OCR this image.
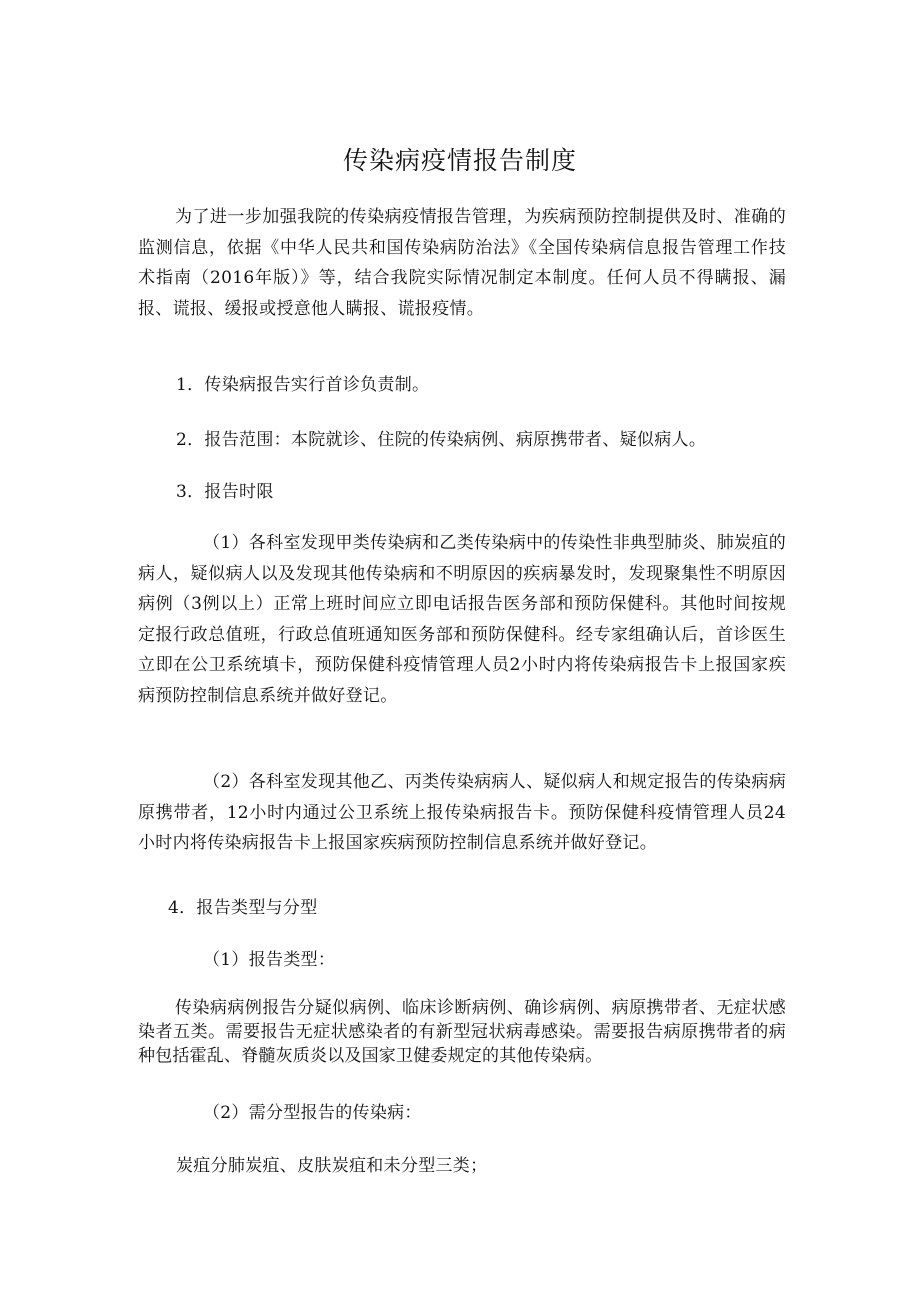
传染病疫情报告制度

为了进一步加强我院的传染病疫情报告管理，为疾病预防控制提供及时、准确的监测信息，依据《中华人民共和国传染病防治法》《全国传染病信息报告管理工作技术指南（2016年版）》等，结合我院实际情况制定本制度。任何人员不得瞒报、漏报、谎报、缓报或授意他人瞒报、谎报疫情。

1．传染病报告实行首诊负责制。

2．报告范围：本院就诊、住院的传染病例、病原携带者、疑似病人。

3．报告时限

（1）各科室发现甲类传染病和乙类传染病中的传染性非典型肺炎、肺炭疽的病人，疑似病人以及发现其他传染病和不明原因的疾病暴发时，发现聚集性不明原因病例（3例以上）正常上班时间应立即电话报告医务部和预防保健科。其他时间按规定报行政总值班，行政总值班通知医务部和预防保健科。经专家组确认后，首诊医生立即在公卫系统填卡，预防保健科疫情管理人员2小时内将传染病报告卡上报国家疾病预防控制信息系统并做好登记。

（2）各科室发现其他乙、丙类传染病病人、疑似病人和规定报告的传染病病原携带者，12小时内通过公卫系统上报传染病报告卡。预防保健科疫情管理人员24小时内将传染病报告卡上报国家疾病预防控制信息系统并做好登记。

4．报告类型与分型

（1）报告类型：

传染病病例报告分疑似病例、临床诊断病例、确诊病例、病原携带者、无症状感染者五类。需要报告无症状感染者的有新型冠状病毒感染。需要报告病原携带者的病种包括霍乱、脊髓灰质炎以及国家卫健委规定的其他传染病。

（2）需分型报告的传染病：

炭疽分肺炭疽、皮肤炭疽和未分型三类；
